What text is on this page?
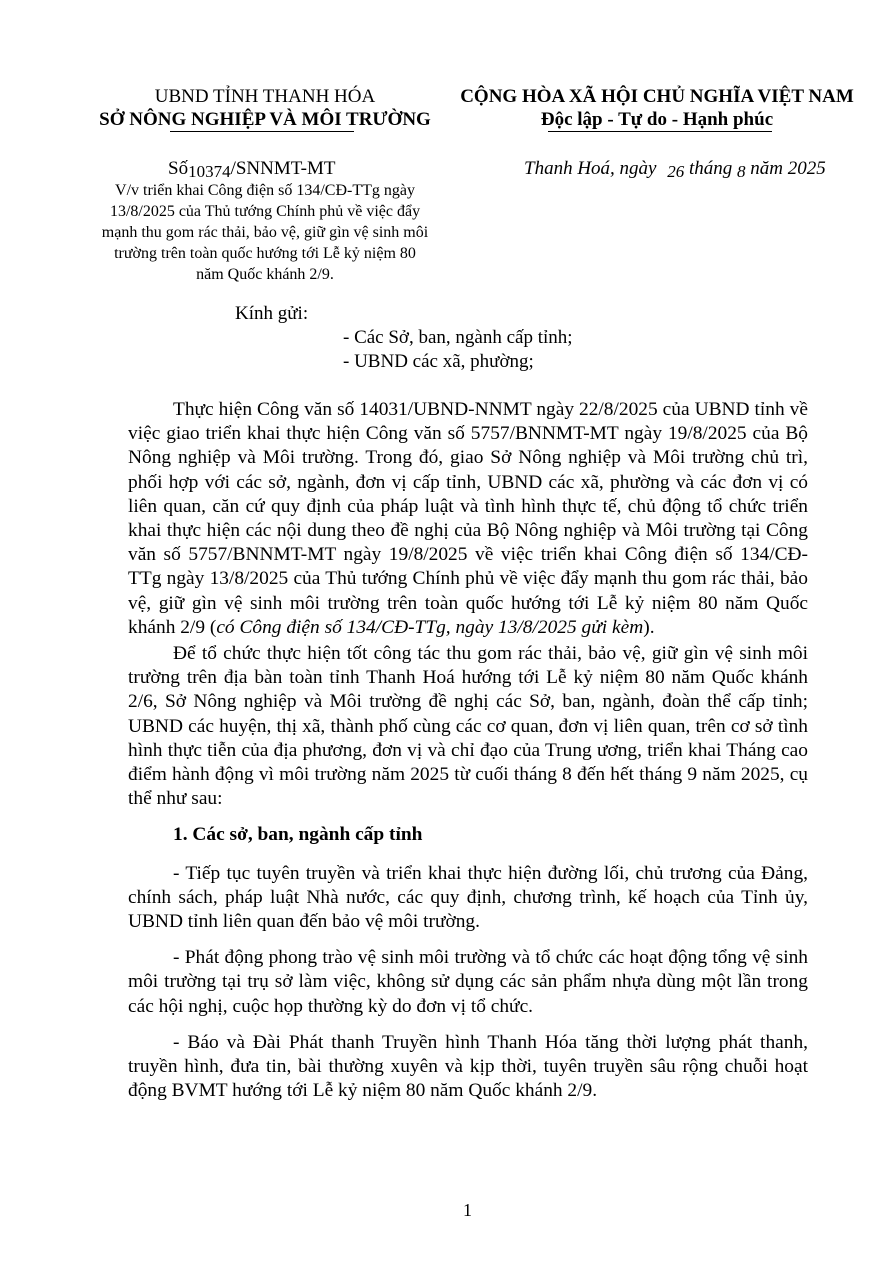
UBND TỈNH THANH HÓA
SỞ NÔNG NGHIỆP VÀ MÔI TRƯỜNG
CỘNG HÒA XÃ HỘI CHỦ NGHĨA VIỆT NAM
Độc lập - Tự do - Hạnh phúc
Số10374/SNNMT-MT
V/v triển khai Công điện số 134/CĐ-TTg ngày
13/8/2025 của Thủ tướng Chính phủ về việc đẩy
mạnh thu gom rác thải, bảo vệ, giữ gìn vệ sinh môi
trường trên toàn quốc hướng tới Lễ kỷ niệm 80
năm Quốc khánh 2/9.
Thanh Hoá, ngày 26 tháng 8 năm 2025
Kính gửi:
- Các Sở, ban, ngành cấp tỉnh;
- UBND các xã, phường;

Thực hiện Công văn số 14031/UBND-NNMT ngày 22/8/2025 của UBND tỉnh về việc giao triển khai thực hiện Công văn số 5757/BNNMT-MT ngày 19/8/2025 của Bộ Nông nghiệp và Môi trường. Trong đó, giao Sở Nông nghiệp và Môi trường chủ trì, phối hợp với các sở, ngành, đơn vị cấp tỉnh, UBND các xã, phường và các đơn vị có liên quan, căn cứ quy định của pháp luật và tình hình thực tế, chủ động tổ chức triển khai thực hiện các nội dung theo đề nghị của Bộ Nông nghiệp và Môi trường tại Công văn số 5757/BNNMT-MT ngày 19/8/2025 về việc triển khai Công điện số 134/CĐ-TTg ngày 13/8/2025 của Thủ tướng Chính phủ về việc đẩy mạnh thu gom rác thải, bảo vệ, giữ gìn vệ sinh môi trường trên toàn quốc hướng tới Lễ kỷ niệm 80 năm Quốc khánh 2/9 (có Công điện số 134/CĐ-TTg, ngày 13/8/2025 gửi kèm).

Để tổ chức thực hiện tốt công tác thu gom rác thải, bảo vệ, giữ gìn vệ sinh môi trường trên địa bàn toàn tỉnh Thanh Hoá hướng tới Lễ kỷ niệm 80 năm Quốc khánh 2/6, Sở Nông nghiệp và Môi trường đề nghị các Sở, ban, ngành, đoàn thể cấp tỉnh; UBND các huyện, thị xã, thành phố cùng các cơ quan, đơn vị liên quan, trên cơ sở tình hình thực tiễn của địa phương, đơn vị và chỉ đạo của Trung ương, triển khai Tháng cao điểm hành động vì môi trường năm 2025 từ cuối tháng 8 đến hết tháng 9 năm 2025, cụ thể như sau:

1. Các sở, ban, ngành cấp tỉnh

- Tiếp tục tuyên truyền và triển khai thực hiện đường lối, chủ trương của Đảng, chính sách, pháp luật Nhà nước, các quy định, chương trình, kế hoạch của Tỉnh ủy, UBND tỉnh liên quan đến bảo vệ môi trường.

- Phát động phong trào vệ sinh môi trường và tổ chức các hoạt động tổng vệ sinh môi trường tại trụ sở làm việc, không sử dụng các sản phẩm nhựa dùng một lần trong các hội nghị, cuộc họp thường kỳ do đơn vị tổ chức.

- Báo và Đài Phát thanh Truyền hình Thanh Hóa tăng thời lượng phát thanh, truyền hình, đưa tin, bài thường xuyên và kịp thời, tuyên truyền sâu rộng chuỗi hoạt động BVMT hướng tới Lễ kỷ niệm 80 năm Quốc khánh 2/9.

1
